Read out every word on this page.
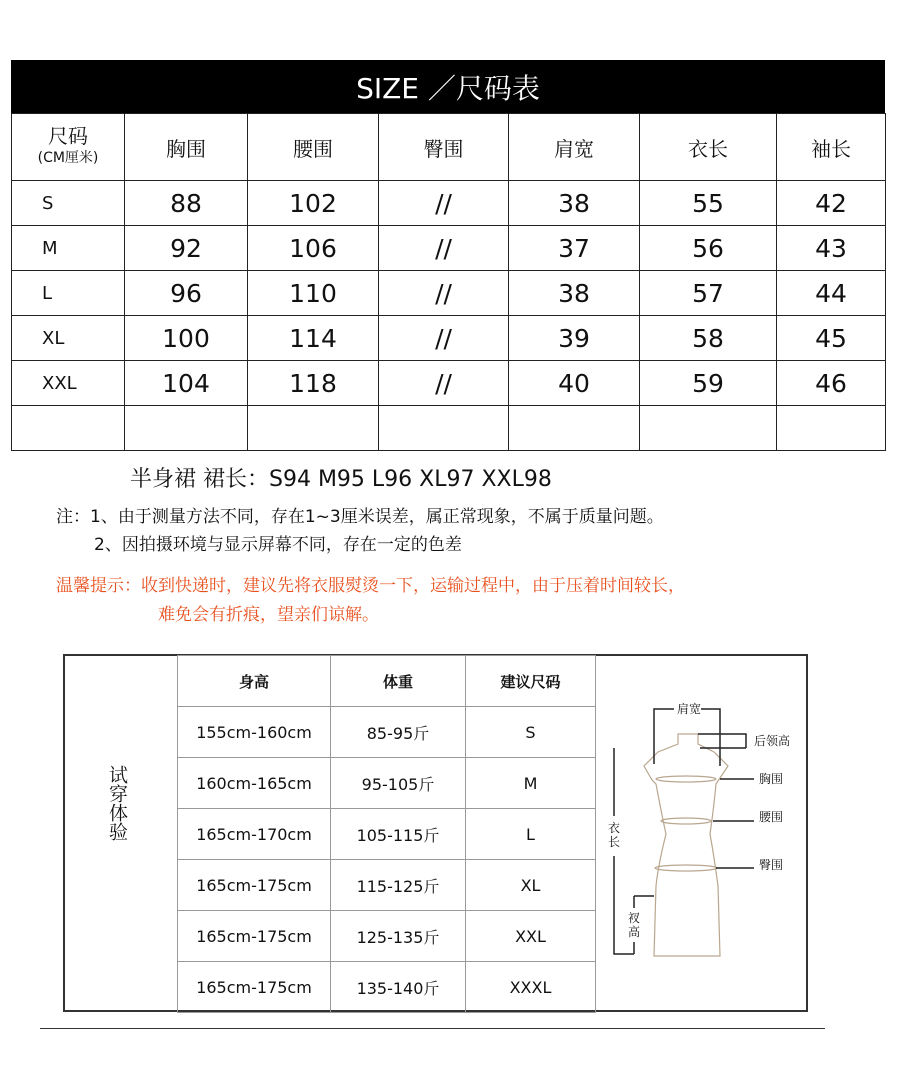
SIZE ／尺码表
尺码
(CM厘米)	胸围	腰围	臀围	肩宽	衣长	袖长
S	88	102	//	38	55	42
M	92	106	//	37	56	43
L	96	110	//	38	57	44
XL	100	114	//	39	58	45
XXL	104	118	//	40	59	46

半身裙 裙长：S94 M95 L96 XL97 XXL98
注：1、由于测量方法不同，存在1~3厘米误差，属正常现象，不属于质量问题。
2、因拍摄环境与显示屏幕不同，存在一定的色差
温馨提示：收到快递时，建议先将衣服熨烫一下，运输过程中，由于压着时间较长，
难免会有折痕，望亲们谅解。
试穿体验
身高	体重	建议尺码
155cm-160cm	85-95斤	S
160cm-165cm	95-105斤	M
165cm-170cm	105-115斤	L
165cm-175cm	115-125斤	XL
165cm-175cm	125-135斤	XXL
165cm-175cm	135-140斤	XXXL
肩宽
后领高
胸围
腰围
臀围
衣长
衩高
